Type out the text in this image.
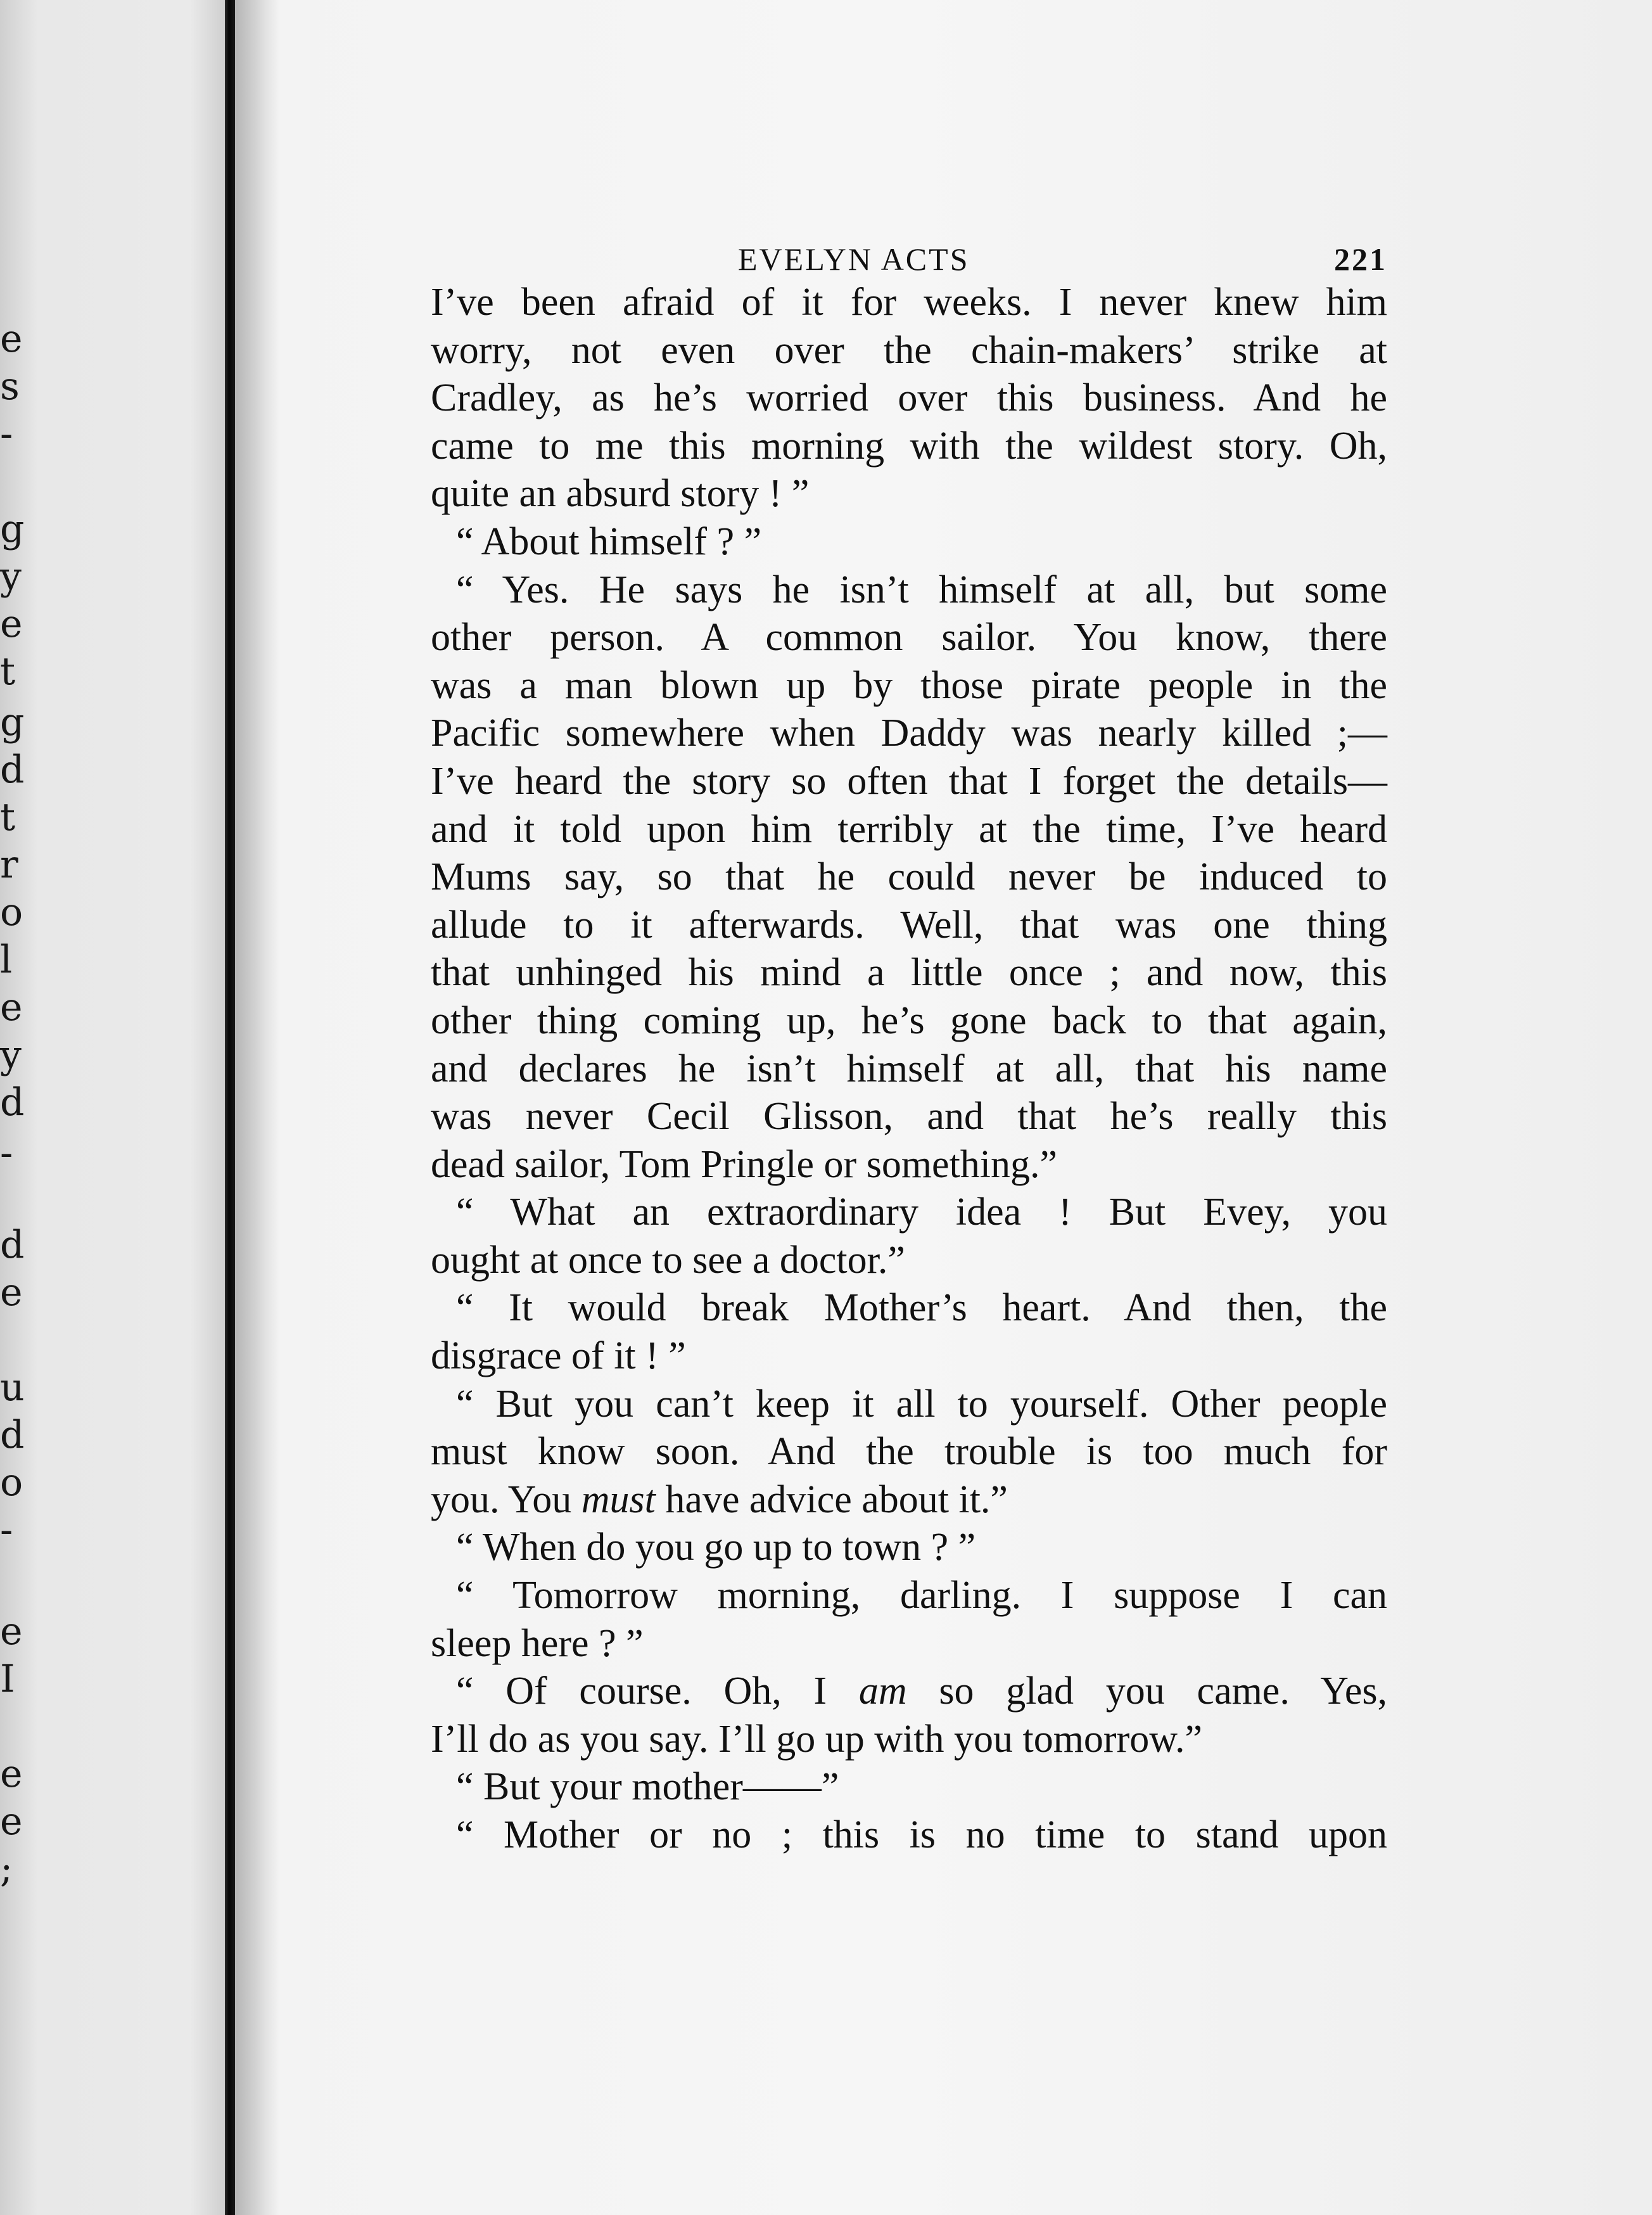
e
s
-
g
y
e
t
g
d
t
r
o
l
e
y
d
-
d
e
u
d
o
-
e
I
e
e
;
EVELYN ACTS	221
I’ve been afraid of it for weeks. I never knew him
worry, not even over the chain-makers’ strike at
Cradley, as he’s worried over this business. And he
came to me this morning with the wildest story. Oh,
quite an absurd story ! ”
“ About himself ? ”
“ Yes. He says he isn’t himself at all, but some
other person. A common sailor. You know, there
was a man blown up by those pirate people in the
Pacific somewhere when Daddy was nearly killed ;—
I’ve heard the story so often that I forget the details—
and it told upon him terribly at the time, I’ve heard
Mums say, so that he could never be induced to
allude to it afterwards. Well, that was one thing
that unhinged his mind a little once ; and now, this
other thing coming up, he’s gone back to that again,
and declares he isn’t himself at all, that his name
was never Cecil Glisson, and that he’s really this
dead sailor, Tom Pringle or something.”
“ What an extraordinary idea ! But Evey, you
ought at once to see a doctor.”
“ It would break Mother’s heart. And then, the
disgrace of it ! ”
“ But you can’t keep it all to yourself. Other people
must know soon. And the trouble is too much for
you. You must have advice about it.”
“ When do you go up to town ? ”
“ Tomorrow morning, darling. I suppose I can
sleep here ? ”
“ Of course. Oh, I am so glad you came. Yes,
I’ll do as you say. I’ll go up with you tomorrow.”
“ But your mother——”
“ Mother or no ; this is no time to stand upon
